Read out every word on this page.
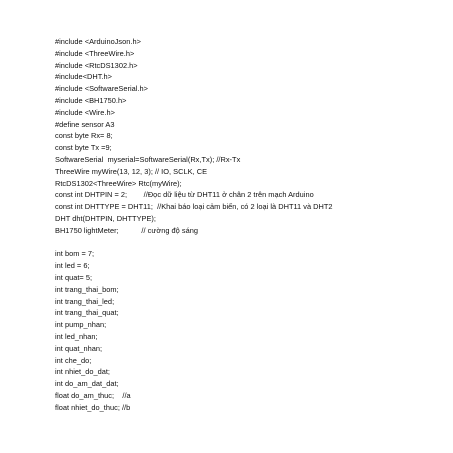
#include <ArduinoJson.h>
#include <ThreeWire.h>
#include <RtcDS1302.h>
#include<DHT.h>
#include <SoftwareSerial.h>
#include <BH1750.h>
#include <Wire.h>
#define sensor A3
const byte Rx= 8;
const byte Tx =9;
SoftwareSerial  myserial=SoftwareSerial(Rx,Tx); //Rx-Tx
ThreeWire myWire(13, 12, 3); // IO, SCLK, CE
RtcDS1302<ThreeWire> Rtc(myWire);
const int DHTPIN = 2;        //Đọc dữ liệu từ DHT11 ở chân 2 trên mạch Arduino
const int DHTTYPE = DHT11;  //Khai báo loại cảm biến, có 2 loại là DHT11 và DHT2
DHT dht(DHTPIN, DHTTYPE);
BH1750 lightMeter;           // cường độ sáng
int bom = 7;
int led = 6;
int quat= 5;
int trang_thai_bom;
int trang_thai_led;
int trang_thai_quat;
int pump_nhan;
int led_nhan;
int quat_nhan;
int che_do;
int nhiet_do_dat;
int do_am_dat_dat;
float do_am_thuc;    //a
float nhiet_do_thuc; //b
